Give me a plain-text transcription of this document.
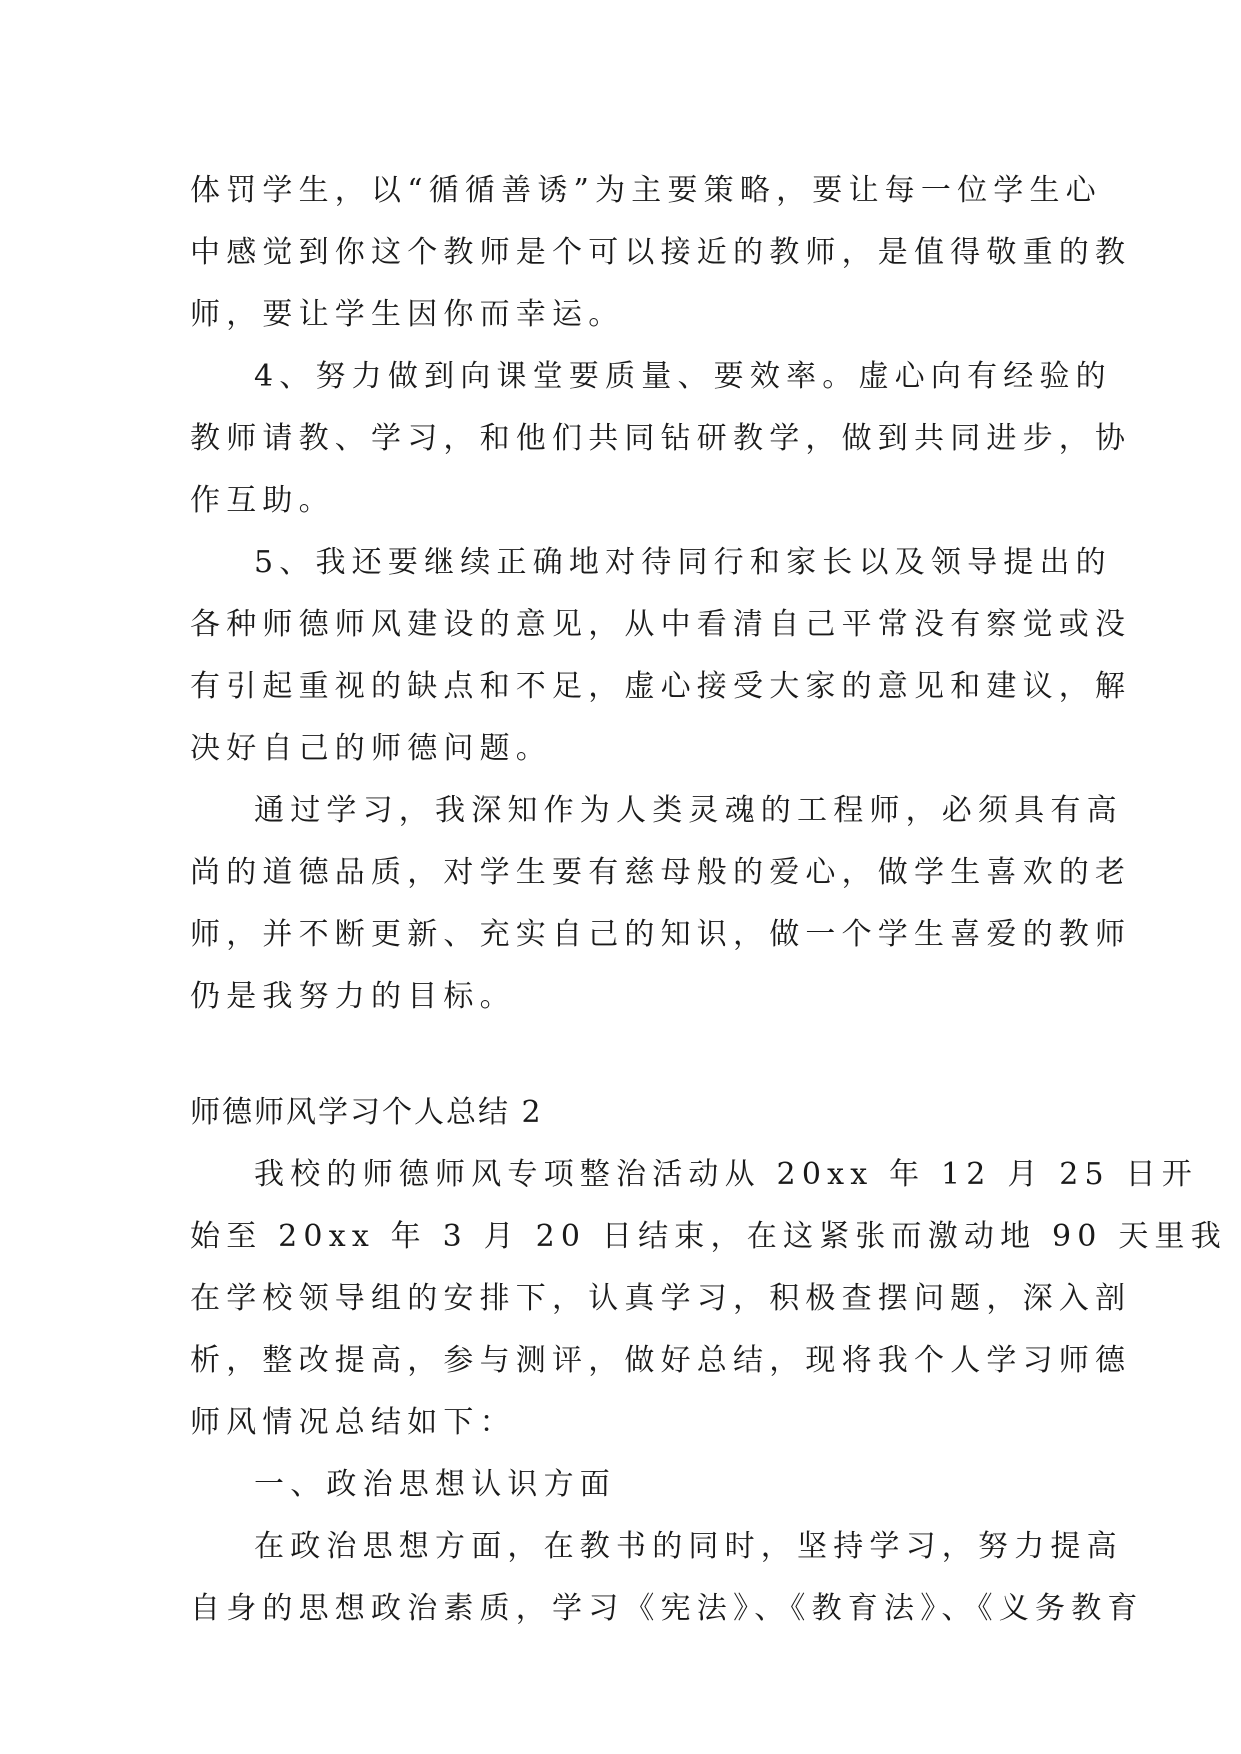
体罚学生，以“循循善诱”为主要策略，要让每一位学生心
中感觉到你这个教师是个可以接近的教师，是值得敬重的教
师，要让学生因你而幸运。
4、努力做到向课堂要质量、要效率。虚心向有经验的
教师请教、学习，和他们共同钻研教学，做到共同进步，协
作互助。
5、我还要继续正确地对待同行和家长以及领导提出的
各种师德师风建设的意见，从中看清自己平常没有察觉或没
有引起重视的缺点和不足，虚心接受大家的意见和建议，解
决好自己的师德问题。
通过学习，我深知作为人类灵魂的工程师，必须具有高
尚的道德品质，对学生要有慈母般的爱心，做学生喜欢的老
师，并不断更新、充实自己的知识，做一个学生喜爱的教师
仍是我努力的目标。
师德师风学习个人总结 2
我校的师德师风专项整治活动从 20xx 年 12 月 25 日开
始至 20xx 年 3 月 20 日结束，在这紧张而激动地 90 天里我
在学校领导组的安排下，认真学习，积极查摆问题，深入剖
析，整改提高，参与测评，做好总结，现将我个人学习师德
师风情况总结如下：
一、政治思想认识方面
在政治思想方面，在教书的同时，坚持学习，努力提高
自身的思想政治素质，学习《宪法》、《教育法》、《义务教育
